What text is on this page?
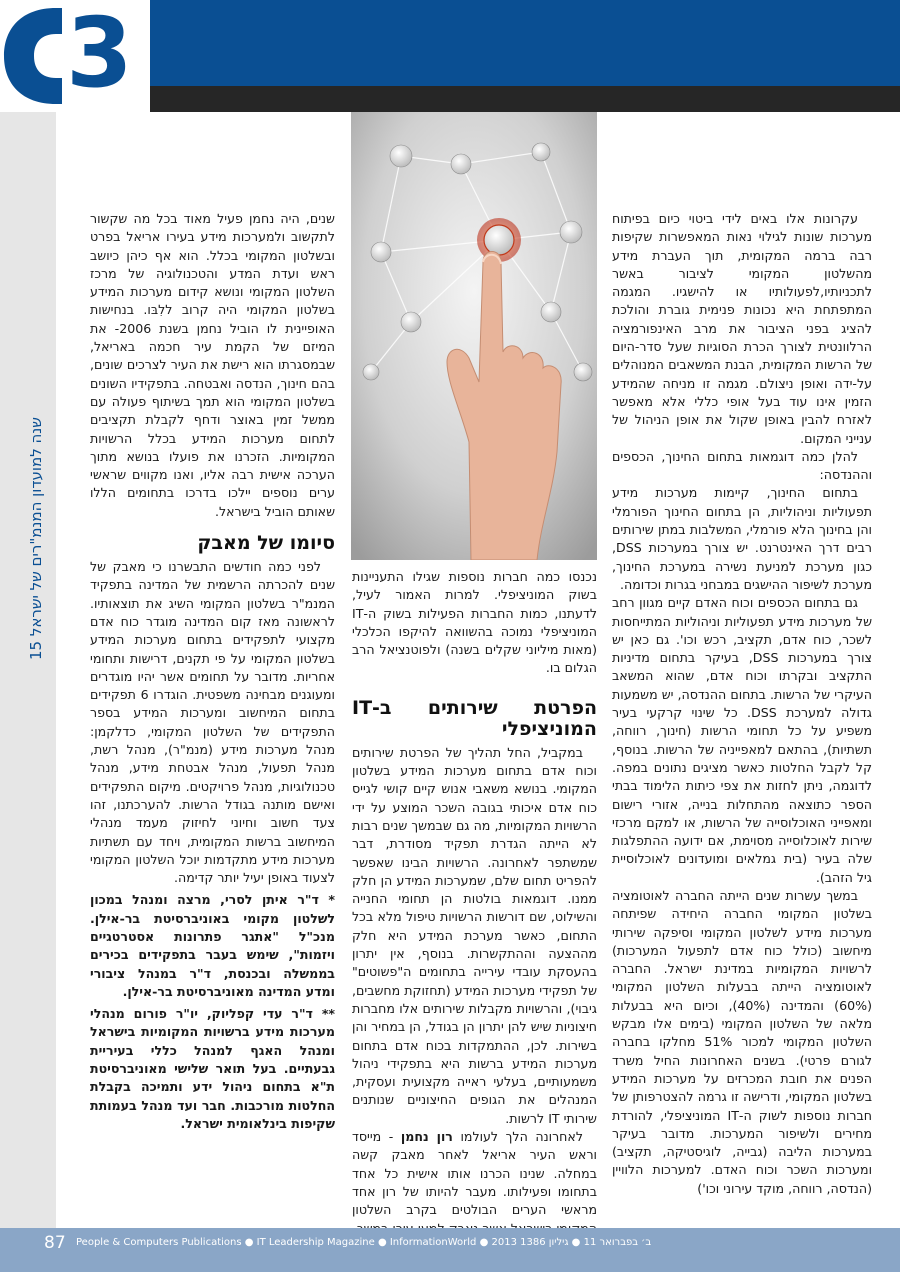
3
15 שנה למועדון המנמ"רים של ישראל

עקרונות אלו באים לידי ביטוי כיום בפיתוח מערכות שונות לגילוי נאות המאפשרות שקיפות רבה ברמה המקומית, תוך העברת מידע מהשלטון המקומי לציבור באשר לתכניותיו,לפעולותיו או להישגיו. המגמה המתפתחת היא נכונות פנימית גוברת והולכת להציג בפני הציבור את מרב האינפורמציה הרלוונטית לצורך הכרת הסוגיות שעל סדר-היום של הרשות המקומית, הבנת המשאבים המנוהלים על-ידה ואופן ניצולם. מגמה זו מניחה שהמידע הזמין אינו עוד בעל אופי כללי אלא מאפשר לאזרח להבין באופן שקול את אופן הניהול של ענייני המקום.

להלן כמה דוגמאות בתחום החינוך, הכספים וההנדסה:

בתחום החינוך, קיימות מערכות מידע תפעוליות וניהוליות, הן בתחום החינוך הפורמלי והן בחינוך הלא פורמלי, המשלבות במתן שירותים רבים דרך האינטרנט. יש צורך במערכות DSS, כגון מערכת למניעת נשירה במערכת החינוך, מערכת לשיפור ההישגים במבחני בגרות וכדומה.

גם בתחום הכספים וכוח האדם קיים מגוון רחב של מערכות מידע תפעוליות וניהוליות המתייחסות לשכר, כוח אדם, תקציב, רכש וכו'. גם כאן יש צורך במערכות DSS, בעיקר בתחום מדיניות התקציב ובקרתו וכוח אדם, שהוא המשאב העיקרי של הרשות. בתחום ההנדסה, יש משמעות גדולה למערכת DSS. כל שינוי קרקעי בעיר משפיע על כל תחומי הרשות (חינוך, רווחה, תשתיות), בהתאם למאפייניה של הרשות. בנוסף, קל לקבל החלטות כאשר מציגים נתונים במפה. לדוגמה, ניתן לחזות את צפי כיתות הלימוד בבתי הספר כתוצאה מהתחלות בנייה, אזורי רישום ומאפייני האוכלוסייה של הרשות, או למקם מרכזי שירות לאוכלוסייה מסוימת, אם ידועה ההתפלגות שלה בעיר (בית גמלאים ומועדונים לאוכלוסיית גיל הזהב).

במשך עשרות שנים הייתה החברה לאוטומציה בשלטון המקומי החברה היחידה שפיתחה מערכות מידע לשלטון המקומי וסיפקה שירותי מיחשוב (כולל כוח אדם לתפעול המערכות) לרשויות המקומיות במדינת ישראל. החברה לאוטומציה הייתה בבעלות השלטון המקומי (60%) והמדינה (40%), וכיום היא בבעלות מלאה של השלטון המקומי (בימים אלו מבקש השלטון המקומי למכור 51% מחלקו בחברה לגורם פרטי). בשנים האחרונות החיל משרד הפנים את חובת המכרזים על מערכות המידע בשלטון המקומי, ודרישה זו גרמה להצטרפותן של חברות נוספות לשוק ה-IT המוניציפלי, להורדת מחירים ולשיפור המערכות. מדובר בעיקר במערכות הליבה (גבייה, לוגיסטיקה, תקציב) ומערכות השכר וכוח האדם. למערכות הלוויין (הנדסה, רווחה, מוקד עירוני וכו')

נכנסו כמה חברות נוספות שגילו התעניינות בשוק המוניציפלי. למרות האמור לעיל, לדעתנו, כמות החברות הפעילות בשוק ה-IT המוניציפלי נמוכה בהשוואה להיקפו הכלכלי (מאות מיליוני שקלים בשנה) ולפוטנציאל הרב הגלום בו.

הפרטת שירותים ב-IT המוניציפלי

במקביל, החל תהליך של הפרטת שירותים וכוח אדם בתחום מערכות המידע בשלטון המקומי. בנושא משאבי אנוש קיים קושי לגייס כוח אדם איכותי בגובה השכר המוצע על ידי הרשויות המקומיות, מה גם שבמשך שנים רבות לא הייתה הגדרת תפקיד מסודרת, דבר שמשתפר לאחרונה. הרשויות הבינו שאפשר להפריט תחום שלם, שמערכות המידע הן חלק ממנו. דוגמאות בולטות הן תחומי החנייה והשילוט, שם דורשות הרשויות טיפול מלא בכל התחום, כאשר מערכת המידע היא חלק מההצעה וההתקשרות. בנוסף, אין יתרון בהעסקת עובדי עירייה בתחומים ה"פשוטים" של תפקידי מערכות המידע (תחזוקת מחשבים, גיבוי), והרשויות מקבלות שירותים אלו מחברות חיצוניות שיש להן יתרון הן בגודל, הן במחיר והן בשירות. לכן, ההתמקדות בכוח אדם בתחום מערכות המידע ברשות היא בתפקידי ניהול משמעותיים, בעלעי ראייה מקצועית ועסקית, המנהלים את הגופים החיצוניים שנותנים שירותי IT לרשות.

לאחרונה הלך לעולמו רון נחמן - מייסד וראש העיר אריאל לאחר מאבק קשה במחלה. שנינו הכרנו אותו אישית כל אחד בתחומו ופעילותו. מעבר להיותו של רון אחד מראשי הערים הבולטים בקרב השלטון

שנים, היה נחמן פעיל מאוד בכל מה שקשור לתקשוב ולמערכות מידע בעירו אריאל בפרט ובשלטון המקומי בכלל. הוא אף כיהן כיושב ראש ועדת המדע והטכנולוגיה של מרכז השלטון המקומי ונושא קידום מערכות המידע בשלטון המקומי היה קרוב ללִבּו. בנחישות האופיינית לו הוביל נחמן בשנת 2006- את המיזם של הקמת עיר חכמה באריאל, שבמסגרתו הוא רישת את העיר לצרכים שונים, בהם חינוך, הנדסה ואבטחה. בתפקידיו השונים בשלטון המקומי הוא תמך בשיתוף פעולה עם ממשל זמין באוצר ודחף לקבלת תקציבים לתחום מערכות המידע בכלל הרשויות המקומיות. הזכרנו את פועלו בנושא מתוך הערכה אישית רבה אליו, ואנו מקווים שראשי ערים נוספים יילכו בדרכו בתחומים הללו שאותם הוביל בישראל.

סיומו של מאבק

לפני כמה חודשים התבשרנו כי מאבק של שנים להכרתה הרשמית של המדינה בתפקיד המנמ"ר בשלטון המקומי השיג את תוצאותיו. לראשונה מאז קום המדינה מוגדר כוח אדם מקצועי לתפקידים בתחום מערכות המידע בשלטון המקומי על פי תקנים, דרישות ותחומי אחריות. מדובר על תחומים אשר יהיו מוגדרים ומעוגנים מבחינה משפטית. הוגדרו 6 תפקידים בתחום המיחשוב ומערכות המידע בספר התפקידים של השלטון המקומי, כדלקמן: מנהל מערכות מידע (מנמ"ר), מנהל רשת, מנהל תפעול, מנהל אבטחת מידע, מנהל טכנולוגיות, מנהל פרויקטים. מיקום התפקידים ואישם מותנה בגודל הרשות. להערכתנו, זהו צעד חשוב וחיוני לחיזוק מעמד מנהלי המיחשוב ברשות המקומית, ויחד עם תשתיות מערכות מידע מתקדמות יוכל השלטון המקומי לצעוד באופן יעיל יותר קדימה.

* ד"ר איתן לסרי, מרצה ומנהל במכון לשלטון מקומי באוניברסיטת בר-אילן. מנכ"ל "אתגר פתרונות אסטרטגיים ויזמות", שימש בעבר בתפקידים בכירים בממשלה ובכנסת, ד"ר במנהל ציבורי ומדע המדינה מאוניברסיטת בר-אילן.

** ד"ר עדי קפליוק, יו"ר פורום מנהלי מערכות מידע ברשויות המקומיות בישראל ומנהל האגף למנהל כללי בעיריית גבעתיים. בעל תואר שלישי מאוניברסיטת ת"א בתחום ניהול ידע ותמיכה בקבלת החלטות מורכבות. חבר ועד מנהל בעמותת שקיפות בינלאומית ישראל.

87 People & Computers Publications ● IT Leadership Magazine ● InformationWorld ● 2013 ב׳ בפברואר 11 ● גיליון 1386
